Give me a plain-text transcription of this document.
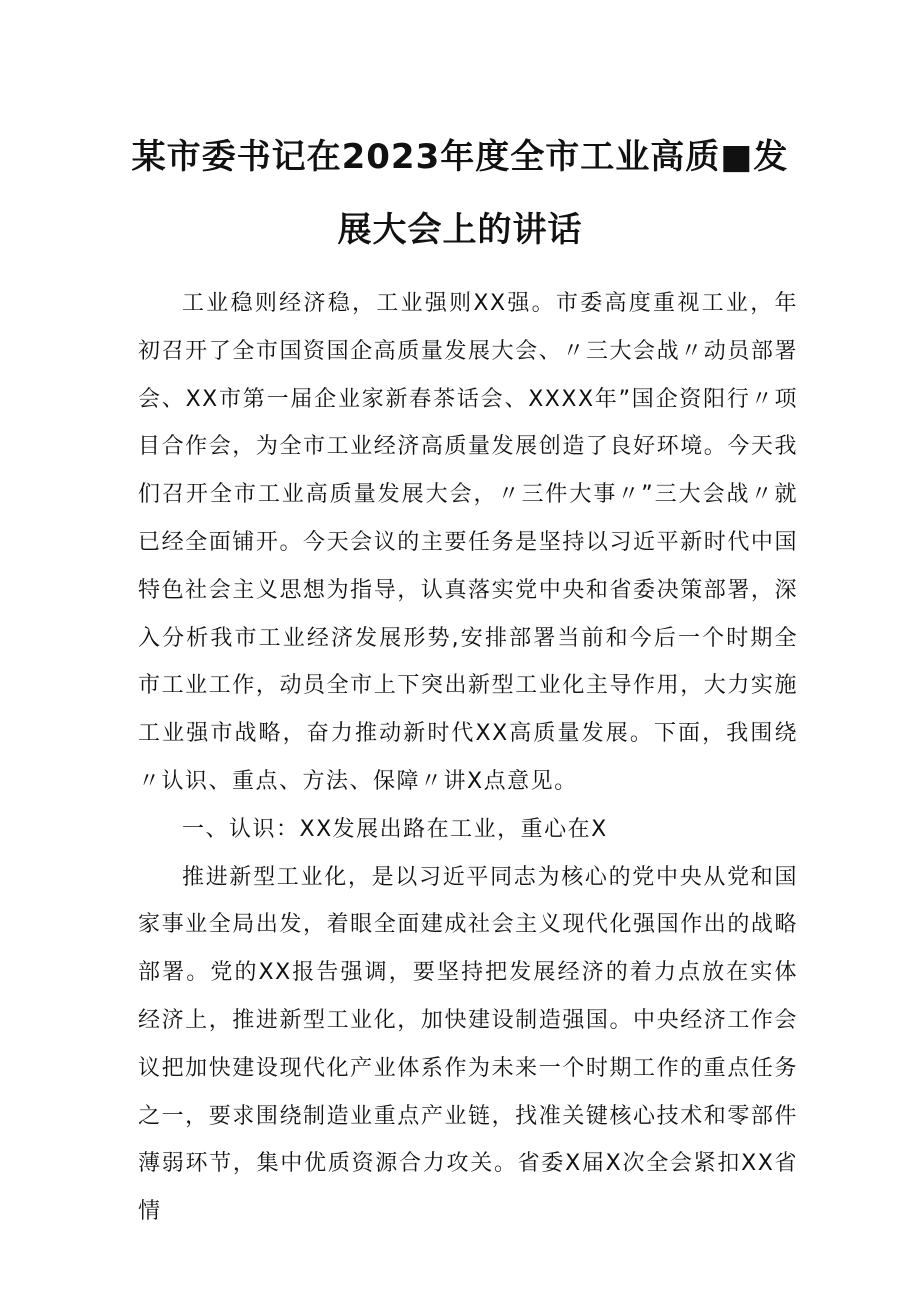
某市委书记在2023年度全市工业高质■发
展大会上的讲话

工业稳则经济稳，工业强则XX强。市委高度重视工业，年初召开了全市国资国企高质量发展大会、〃三大会战〃动员部署会、XX市第一届企业家新春茶话会、XXXX年”国企资阳行〃项目合作会，为全市工业经济高质量发展创造了良好环境。今天我们召开全市工业高质量发展大会，〃三件大事〃”三大会战〃就已经全面铺开。今天会议的主要任务是坚持以习近平新时代中国特色社会主义思想为指导，认真落实党中央和省委决策部署，深入分析我市工业经济发展形势,安排部署当前和今后一个时期全市工业工作，动员全市上下突出新型工业化主导作用，大力实施工业强市战略，奋力推动新时代XX高质量发展。下面，我围绕〃认识、重点、方法、保障〃讲X点意见。

一、认识：XX发展出路在工业，重心在X

推进新型工业化，是以习近平同志为核心的党中央从党和国家事业全局出发，着眼全面建成社会主义现代化强国作出的战略部署。党的XX报告强调，要坚持把发展经济的着力点放在实体经济上，推进新型工业化，加快建设制造强国。中央经济工作会议把加快建设现代化产业体系作为未来一个时期工作的重点任务之一，要求围绕制造业重点产业链，找准关键核心技术和零部件薄弱环节，集中优质资源合力攻关。省委X届X次全会紧扣XX省情
